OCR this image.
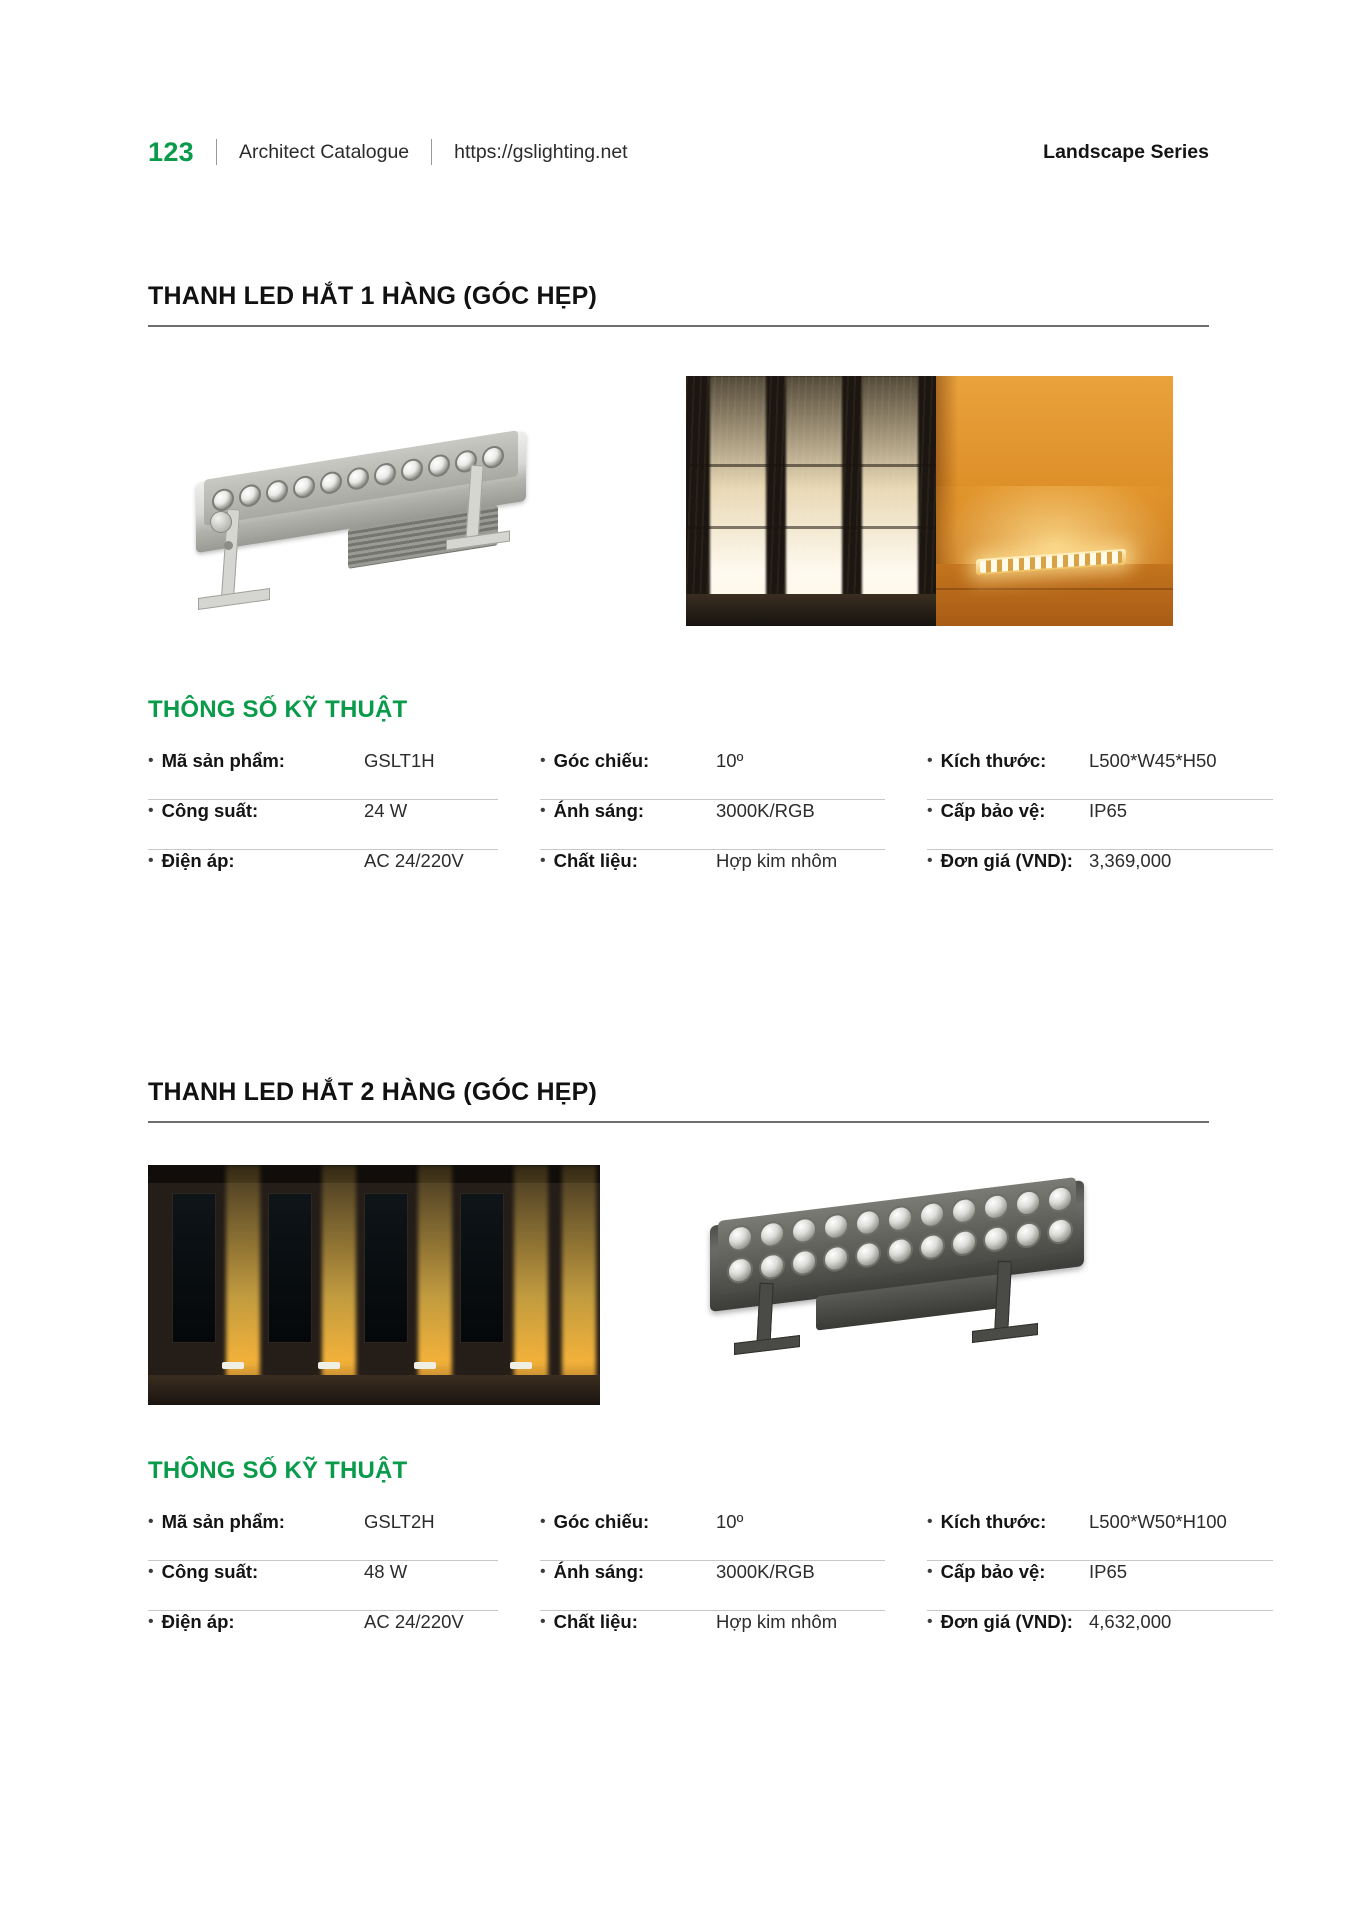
123 Architect Catalogue https://gslighting.net	Landscape Series
THANH LED HẮT 1 HÀNG (GÓC HẸP)
THÔNG SỐ KỸ THUẬT
• Mã sản phẩm:	GSLT1H	• Góc chiếu:	10º	• Kích thước:	L500*W45*H50
• Công suất:	24 W	• Ánh sáng:	3000K/RGB	• Cấp bảo vệ:	IP65
• Điện áp:	AC 24/220V	• Chất liệu:	Hợp kim nhôm	• Đơn giá (VND): 3,369,000
THANH LED HẮT 2 HÀNG (GÓC HẸP)
THÔNG SỐ KỸ THUẬT
• Mã sản phẩm:	GSLT2H	• Góc chiếu:	10º	• Kích thước:	L500*W50*H100
• Công suất:	48 W	• Ánh sáng:	3000K/RGB	• Cấp bảo vệ:	IP65
• Điện áp:	AC 24/220V	• Chất liệu:	Hợp kim nhôm	• Đơn giá (VND): 4,632,000
